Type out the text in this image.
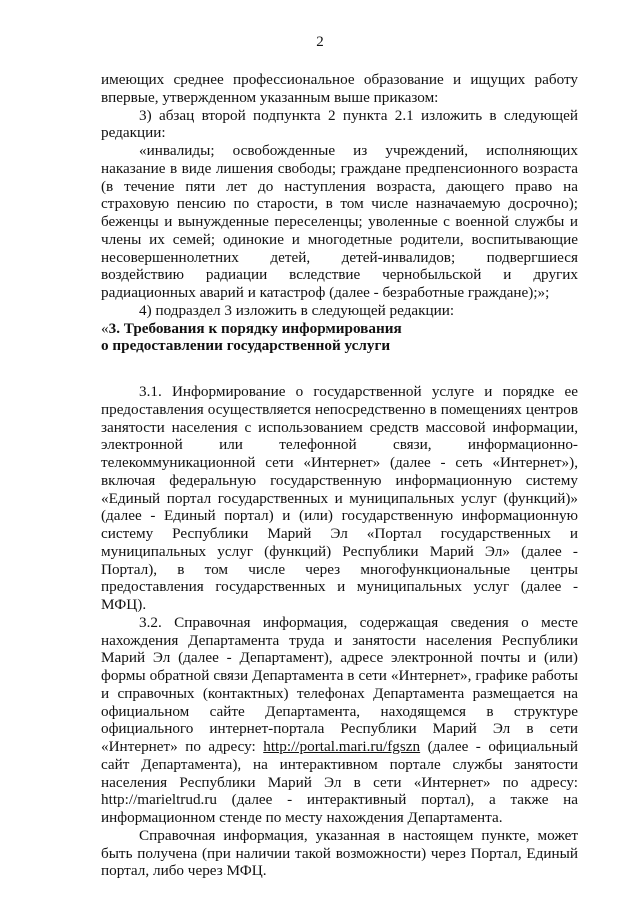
2

имеющих среднее профессиональное образование и ищущих работу впервые, утвержденном указанным выше приказом:

3) абзац второй подпункта 2 пункта 2.1 изложить в следующей редакции:

«инвалиды; освобожденные из учреждений, исполняющих наказание в виде лишения свободы; граждане предпенсионного возраста (в течение пяти лет до наступления возраста, дающего право на страховую пенсию по старости, в том числе назначаемую досрочно); беженцы и вынужденные переселенцы; уволенные с военной службы и члены их семей; одинокие и многодетные родители, воспитывающие несовершеннолетних детей, детей-инвалидов; подвергшиеся воздействию радиации вследствие чернобыльской и других радиационных аварий и катастроф (далее - безработные граждане);»;

4) подраздел 3 изложить в следующей редакции:

«3. Требования к порядку информирования

о предоставлении государственной услуги

3.1. Информирование о государственной услуге и порядке ее предоставления осуществляется непосредственно в помещениях центров занятости населения с использованием средств массовой информации, электронной или телефонной связи, информационно-телекоммуникационной сети «Интернет» (далее - сеть «Интернет»), включая федеральную государственную информационную систему «Единый портал государственных и муниципальных услуг (функций)» (далее - Единый портал) и (или) государственную информационную систему Республики Марий Эл «Портал государственных и муниципальных услуг (функций) Республики Марий Эл» (далее - Портал), в том числе через многофункциональные центры предоставления государственных и муниципальных услуг (далее - МФЦ).

3.2. Справочная информация, содержащая сведения о месте нахождения Департамента труда и занятости населения Республики Марий Эл (далее - Департамент), адресе электронной почты и (или) формы обратной связи Департамента в сети «Интернет», графике работы и справочных (контактных) телефонах Департамента размещается на официальном сайте Департамента, находящемся в структуре официального интернет-портала Республики Марий Эл в сети «Интернет» по адресу: http://portal.mari.ru/fgszn (далее - официальный сайт Департамента), на интерактивном портале службы занятости населения Республики Марий Эл в сети «Интернет» по адресу: http://marieltrud.ru (далее - интерактивный портал), а также на информационном стенде по месту нахождения Департамента.

Справочная информация, указанная в настоящем пункте, может быть получена (при наличии такой возможности) через Портал, Единый портал, либо через МФЦ.
